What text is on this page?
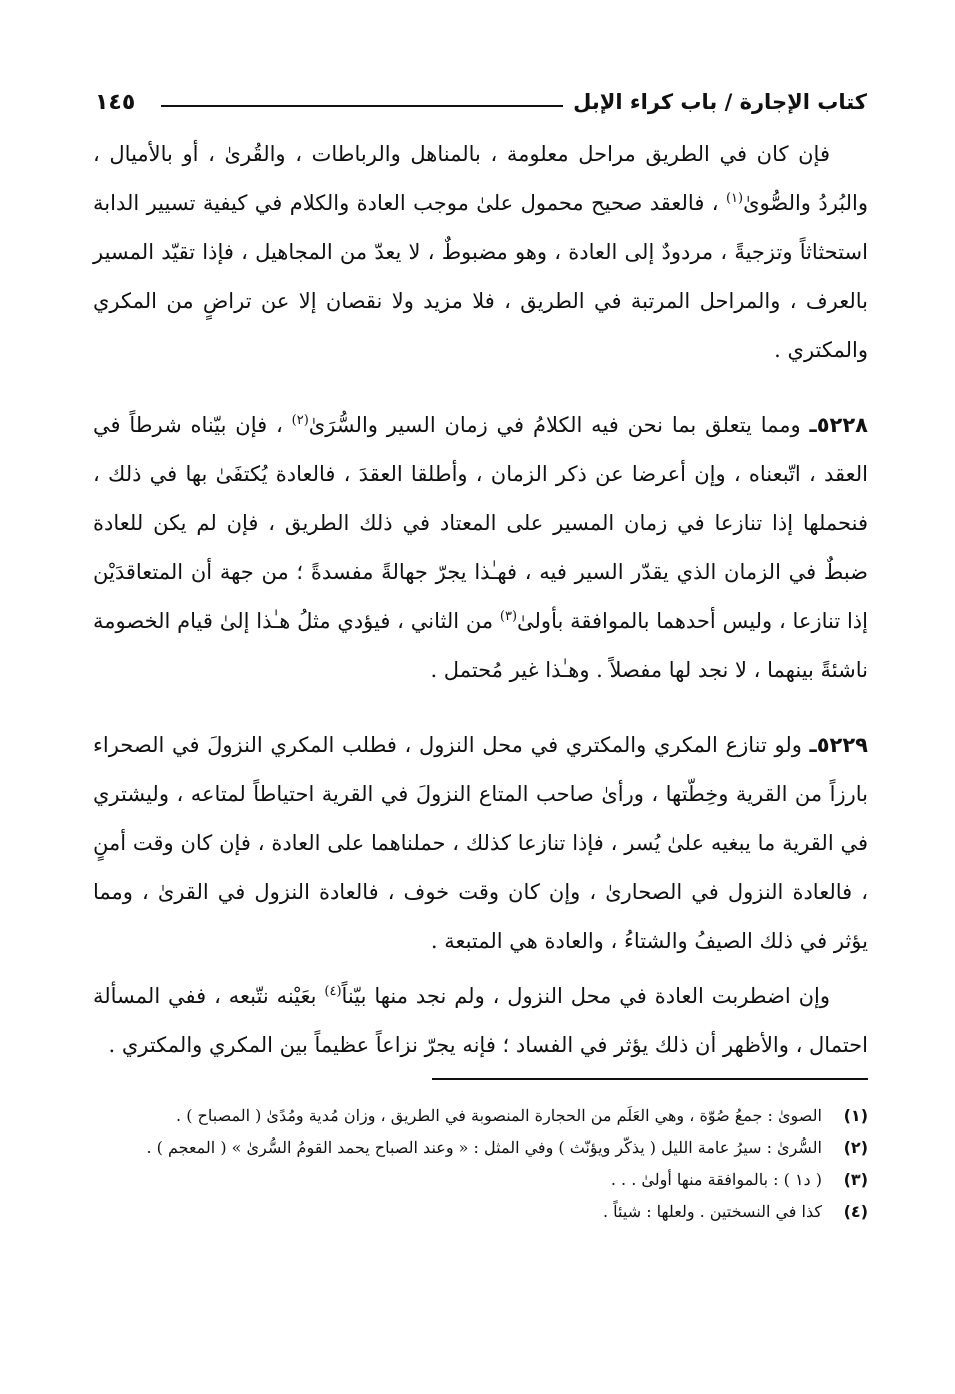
كتاب الإجارة / باب كراء الإبل
١٤٥

فإن كان في الطريق مراحل معلومة ، بالمناهل والرباطات ، والقُرىٰ ، أو بالأميال ، والبُردُ والصُّوىٰ$^{(١)}$ ، فالعقد صحيح محمول علىٰ موجب العادة والكلام في كيفية تسيير الدابة استحثاثاً وتزجيةً ، مردودٌ إلى العادة ، وهو مضبوطٌ ، لا يعدّ من المجاهيل ، فإذا تقيّد المسير بالعرف ، والمراحل المرتبة في الطريق ، فلا مزيد ولا نقصان إلا عن تراضٍ من المكري والمكتري .

٥٢٢٨ـ ومما يتعلق بما نحن فيه الكلامُ في زمان السير والسُّرَىٰ$^{(٢)}$ ، فإن بيّناه شرطاً في العقد ، اتّبعناه ، وإن أعرضا عن ذكر الزمان ، وأطلقا العقدَ ، فالعادة يُكتفَىٰ بها في ذلك ، فنحملها إذا تنازعا في زمان المسير على المعتاد في ذلك الطريق ، فإن لم يكن للعادة ضبطٌ في الزمان الذي يقدّر السير فيه ، فهـٰذا يجرّ جهالةً مفسدةً ؛ من جهة أن المتعاقدَيْن إذا تنازعا ، وليس أحدهما بالموافقة بأولىٰ$^{(٣)}$ من الثاني ، فيؤدي مثلُ هـٰذا إلىٰ قيام الخصومة ناشئةً بينهما ، لا نجد لها مفصلاً . وهـٰذا غير مُحتمل .

٥٢٢٩ـ ولو تنازع المكري والمكتري في محل النزول ، فطلب المكري النزولَ في الصحراء بارزاً من القرية وخِطّتها ، ورأىٰ صاحب المتاع النزولَ في القرية احتياطاً لمتاعه ، وليشتري في القرية ما يبغيه علىٰ يُسر ، فإذا تنازعا كذلك ، حملناهما على العادة ، فإن كان وقت أمنٍ ، فالعادة النزول في الصحارىٰ ، وإن كان وقت خوف ، فالعادة النزول في القرىٰ ، ومما يؤثر في ذلك الصيفُ والشتاءُ ، والعادة هي المتبعة .

وإن اضطربت العادة في محل النزول ، ولم نجد منها بيّناً$^{(٤)}$ بعَيْنه نتّبعه ، ففي المسألة احتمال ، والأظهر أن ذلك يؤثر في الفساد ؛ فإنه يجرّ نزاعاً عظيماً بين المكري والمكتري .

(١)
الصوىٰ : جمعُ صُوّة ، وهي العَلَم من الحجارة المنصوبة في الطريق ، وزان مُدية ومُدًىٰ ( المصباح ) .
(٢)
السُّرىٰ : سيرُ عامة الليل ( يذكّر ويؤنّث ) وفي المثل : « وعند الصباح يحمد القومُ السُّرىٰ » ( المعجم ) .
(٣)
( د١ ) : بالموافقة منها أولىٰ . . .
(٤)
كذا في النسختين . ولعلها : شيئاً .
